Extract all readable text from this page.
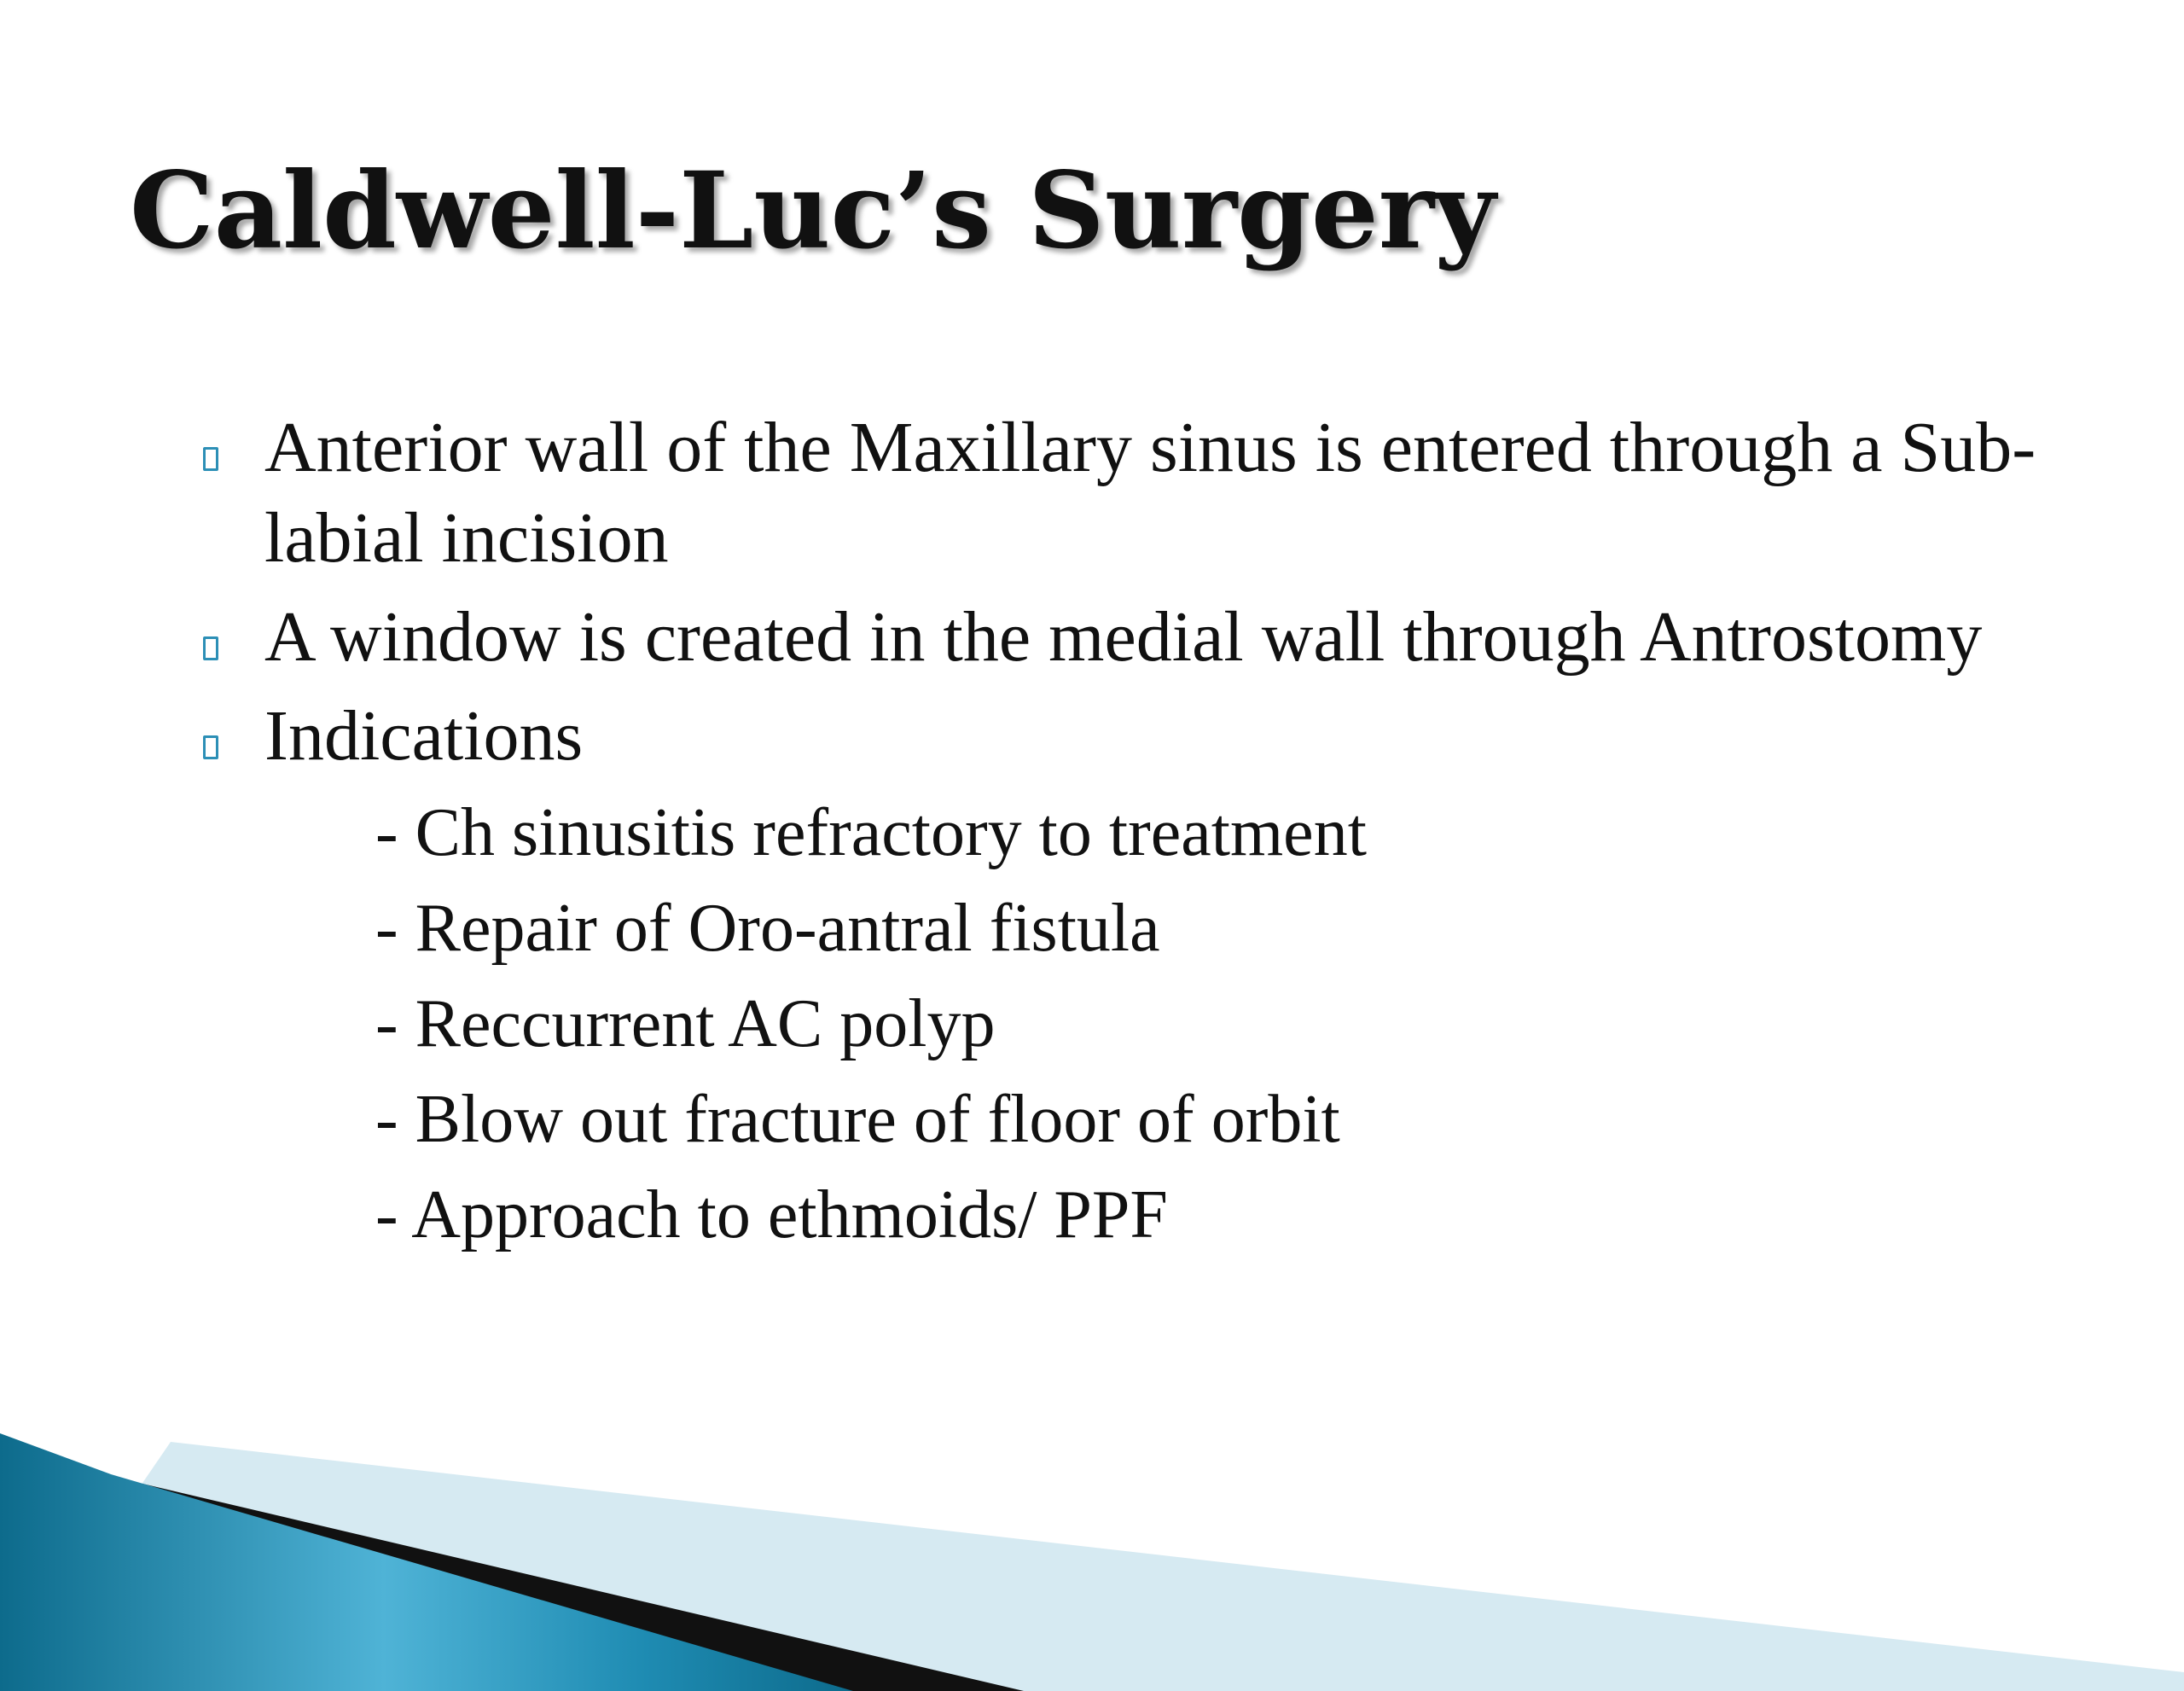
Caldwell-Luc’s Surgery
Anterior wall of the Maxillary sinus is entered through a Sub-labial incision
A window is created in the medial wall through Antrostomy
Indications
- Ch sinusitis refractory to treatment
- Repair of Oro-antral fistula
- Reccurrent AC polyp
- Blow out fracture of floor of orbit
- Approach to ethmoids/ PPF
